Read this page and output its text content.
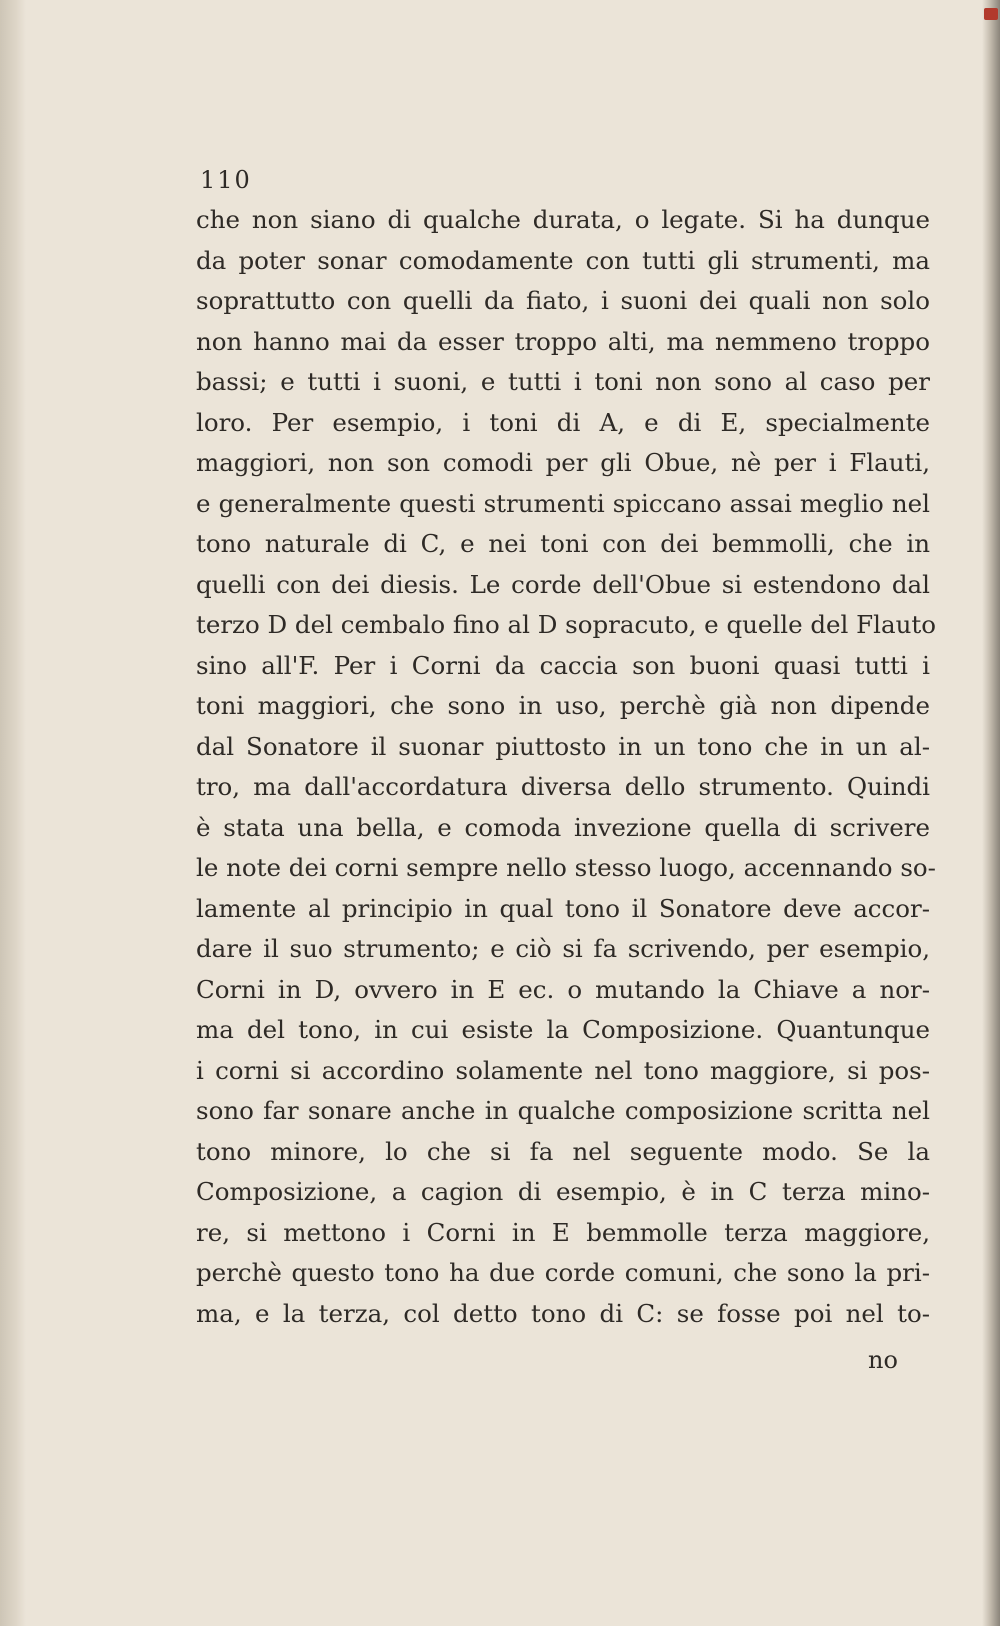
110
che non siano di qualche durata, o legate. Si ha dunque
da poter sonar comodamente con tutti gli strumenti, ma
soprattutto con quelli da fiato, i suoni dei quali non solo
non hanno mai da esser troppo alti, ma nemmeno troppo
bassi; e tutti i suoni, e tutti i toni non sono al caso per
loro. Per esempio, i toni di A, e di E, specialmente
maggiori, non son comodi per gli Obue, nè per i Flauti,
e generalmente questi strumenti spiccano assai meglio nel
tono naturale di C, e nei toni con dei bemmolli, che in
quelli con dei diesis. Le corde dell'Obue si estendono dal
terzo D del cembalo fino al D sopracuto, e quelle del Flauto
sino all'F. Per i Corni da caccia son buoni quasi tutti i
toni maggiori, che sono in uso, perchè già non dipende
dal Sonatore il suonar piuttosto in un tono che in un al-
tro, ma dall'accordatura diversa dello strumento. Quindi
è stata una bella, e comoda invezione quella di scrivere
le note dei corni sempre nello stesso luogo, accennando so-
lamente al principio in qual tono il Sonatore deve accor-
dare il suo strumento; e ciò si fa scrivendo, per esempio,
Corni in D, ovvero in E ec. o mutando la Chiave a nor-
ma del tono, in cui esiste la Composizione. Quantunque
i corni si accordino solamente nel tono maggiore, si pos-
sono far sonare anche in qualche composizione scritta nel
tono minore, lo che si fa nel seguente modo. Se la
Composizione, a cagion di esempio, è in C terza mino-
re, si mettono i Corni in E bemmolle terza maggiore,
perchè questo tono ha due corde comuni, che sono la pri-
ma, e la terza, col detto tono di C: se fosse poi nel to-
no
